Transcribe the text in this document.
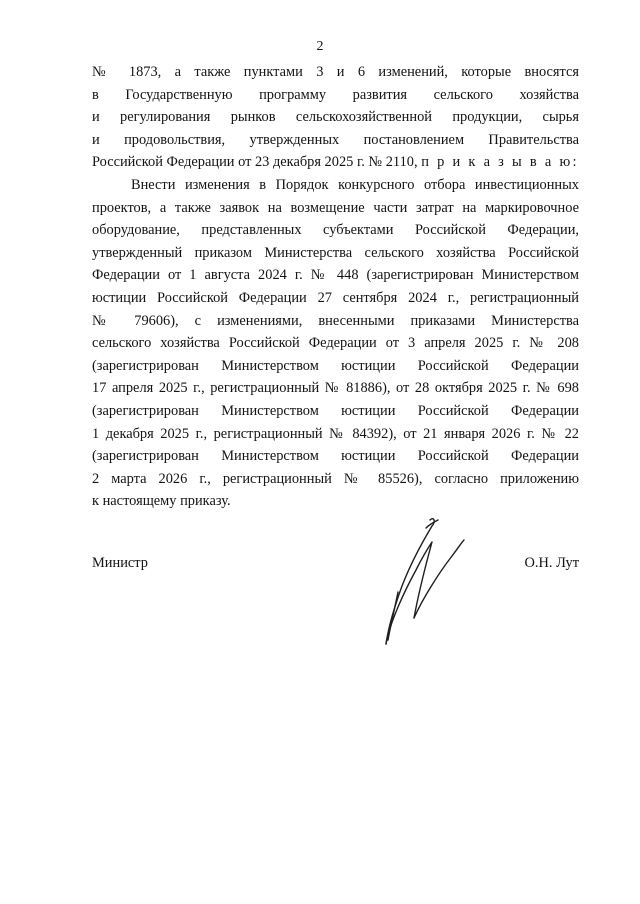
2
№ 1873, а также пунктами 3 и 6 изменений, которые вносятся
в Государственную программу развития сельского хозяйства
и регулирования рынков сельскохозяйственной продукции, сырья
и продовольствия, утвержденных постановлением Правительства
Российской Федерации от 23 декабря 2025 г. № 2110, п р и к а з ы в а ю:
Внести изменения в Порядок конкурсного отбора инвестиционных
проектов, а также заявок на возмещение части затрат на маркировочное
оборудование, представленных субъектами Российской Федерации,
утвержденный приказом Министерства сельского хозяйства Российской
Федерации от 1 августа 2024 г. № 448 (зарегистрирован Министерством
юстиции Российской Федерации 27 сентября 2024 г., регистрационный
№ 79606), с изменениями, внесенными приказами Министерства
сельского хозяйства Российской Федерации от 3 апреля 2025 г. № 208
(зарегистрирован Министерством юстиции Российской Федерации
17 апреля 2025 г., регистрационный № 81886), от 28 октября 2025 г. № 698
(зарегистрирован Министерством юстиции Российской Федерации
1 декабря 2025 г., регистрационный № 84392), от 21 января 2026 г. № 22
(зарегистрирован Министерством юстиции Российской Федерации
2 марта 2026 г., регистрационный № 85526), согласно приложению
к настоящему приказу.
Министр	О.Н. Лут
